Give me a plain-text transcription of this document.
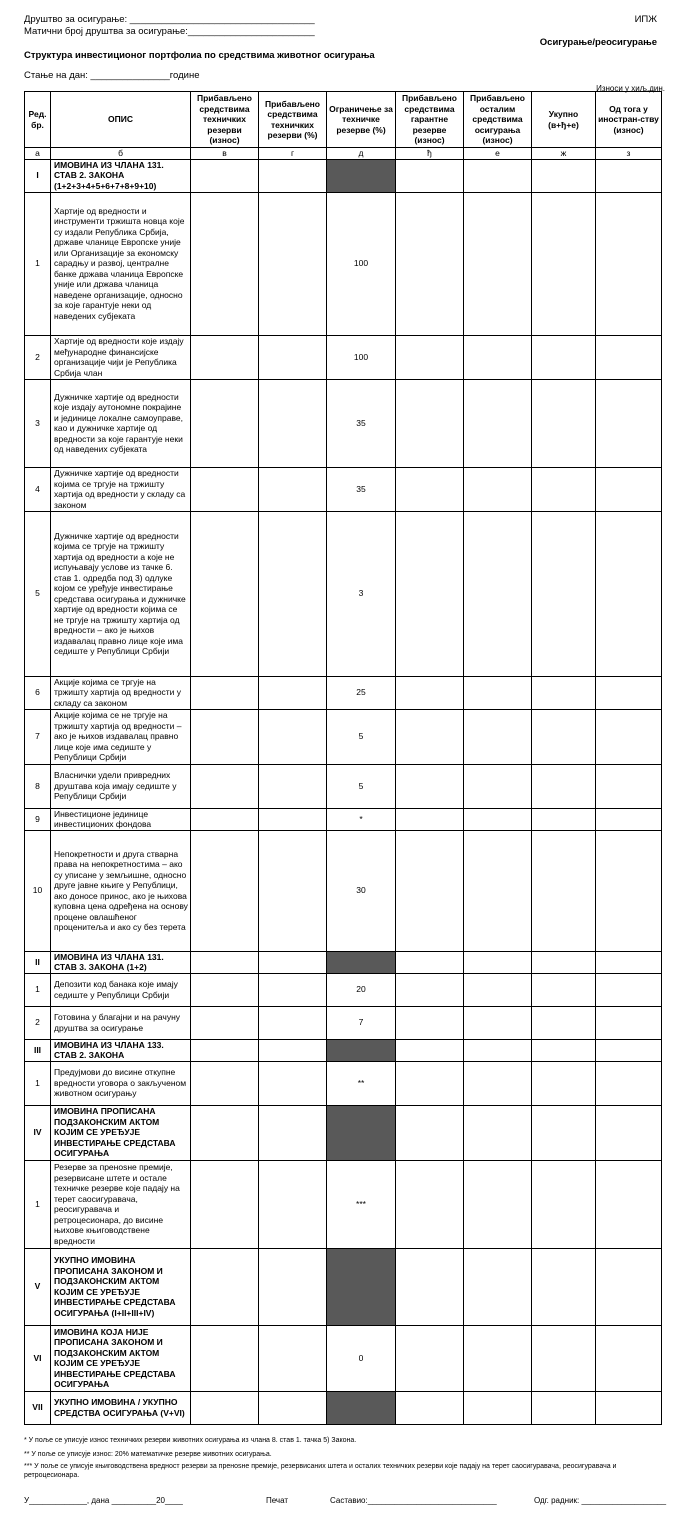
Друштво за осигурање: ___________________________________
Матични број друштва за осигурање:________________________
ИПЖ
Осигурање/реосигурање
Структура инвестиционог портфолиа по средствима животног осигурања
Стање на дан: _______________године
Износи у хиљ.дин.
Ред. бр.	ОПИС	Прибављено средствима техничких резерви (износ)	Прибављено средствима техничких резерви (%)	Ограничење за техничке резерве (%)	Прибављено средствима гарантне резерве (износ)	Прибављено осталим средствима осигурања (износ)	Укупно (в+ђ+е)	Од тога у иностран-ству (износ)
а	б	в	г	д	ђ	е	ж	з
I	ИМОВИНА ИЗ ЧЛАНА 131. СТАВ 2. ЗАКОНА (1+2+3+4+5+6+7+8+9+10)							
1	Хартије од вредности и инструменти тржишта новца које су издали Република Србија, државе чланице Европске уније или Организације за економску сарадњу и развој, централне банке држава чланица Европске уније или држава чланица наведене организације, односно за које гарантује неки од наведених субјеката			100				
2	Хартије од вредности које издају међународне финансијске организације чији је Република Србија члан			100				
3	Дужничке хартије од вредности које издају аутономне покрајине и јединице локалне самоуправе, као и дужничке хартије од вредности за које гарантује неки од наведених субјеката			35				
4	Дужничке хартије од вредности којима се тргује на тржишту хартија од вредности у складу са законом			35				
5	Дужничке хартије од вредности којима се тргује на тржишту хартија од вредности а које не испуњавају услове из тачке 6. став 1. одредба под 3) одлуке којом се уређује инвестирање средстава осигурања и дужничке хартије од вредности којима се не тргује на тржишту хартија од вредности – ако је њихов издавалац правно лице које има седиште у Републици Србији			3				
6	Акције којима се тргује на тржишту хартија од вредности у складу са законом			25				
7	Акције којима се не тргује на тржишту хартија од вредности – ако је њихов издавалац правно лице које има седиште у Републици Србији			5				
8	Власнички удели привредних друштава која имају седиште у Републици Србији			5				
9	Инвестиционе јединице инвестиционих фондова			*				
10	Непокретности и друга стварна права на непокретностима – ако су уписане у земљишне, односно друге јавне књиге у Републици, ако доносе принос, ако је њихова куповна цена одређена на основу процене овлашћеног проценитеља и ако су без терета			30				
II	ИМОВИНА ИЗ ЧЛАНА 131. СТАВ 3. ЗАКОНА (1+2)							
1	Депозити код банака које имају седиште у Републици Србији			20				
2	Готовина у благајни и на рачуну друштва за осигурање			7				
III	ИМОВИНА ИЗ ЧЛАНА 133. СТАВ 2. ЗАКОНА							
1	Предујмови до висине откупне вредности уговора о закљученом животном осигурању			**				
IV	ИМОВИНА ПРОПИСАНА ПОДЗАКОНСКИМ АКТОМ КОЈИМ СЕ УРЕЂУЈЕ ИНВЕСТИРАЊЕ СРЕДСТАВА ОСИГУРАЊА							
1	Резерве за пренosне премије, резервисане штете и остале техничке резерве које падају на терет саосигуравача, реосигуравача и ретроцесионара, до висине њихове књиговодствене вредности			***				
V	УКУПНО ИМОВИНА ПРОПИСАНА ЗАКОНОМ И ПОДЗАКОНСКИМ АКТОМ КОЈИМ СЕ УРЕЂУЈЕ ИНВЕСТИРАЊЕ СРЕДСТАВА ОСИГУРАЊА (I+II+III+IV)							
VI	ИМОВИНА КОЈА НИЈЕ ПРОПИСАНА ЗАКОНОМ И ПОДЗАКОНСКИМ АКТОМ КОЈИМ СЕ УРЕЂУЈЕ ИНВЕСТИРАЊЕ СРЕДСТАВА ОСИГУРАЊА			0				
VII	УКУПНО ИМОВИНА / УКУПНО СРЕДСТВА ОСИГУРАЊА (V+VI)							
* У поље се уписује износ техничких резерви животних осигурања из члана 8. став 1. тачка 5) Закона.
** У поље се уписује износ: 20% математичке резерве животних осигурања.
*** У поље се уписује књиговодствена вредност резерви за пренosне премије, резервисаних штета и осталих техничких резерви које падају на терет саосигуравача, реосигуравача и ретроцесионара.
У_____________, дана __________20____	Печат	Саставио:_____________________________	Одг. радник: ___________________
